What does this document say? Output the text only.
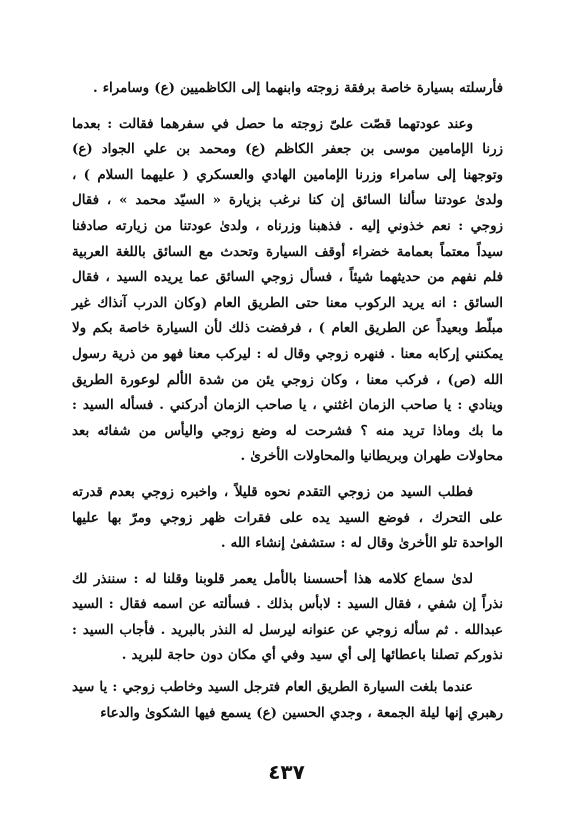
فأرسلته بسيارة خاصة برفقة زوجته وابنهما إلى الكاظميين (ع) وسامراء .

وعند عودتهما قصّت علىّ زوجته ما حصل في سفرهما فقالت : بعدما زرنا الإمامين موسى بن جعفر الكاظم (ع) ومحمد بن علي الجواد (ع) وتوجهنا إلى سامراء وزرنا الإمامين الهادي والعسكري ( عليهما السلام ) ، ولدىٰ عودتنا سألنا السائق إن كنا نرغب بزيارة « السيّد محمد » ، فقال زوجي : نعم خذوني إليه . فذهبنا وزرناه ، ولدىٰ عودتنا من زيارته صادفنا سيداً معتماً بعمامة خضراء أوقف السيارة وتحدث مع السائق باللغة العربية فلم نفهم من حديثهما شيئاً ، فسأل زوجي السائق عما يريده السيد ، فقال السائق : انه يريد الركوب معنا حتى الطريق العام (وكان الدرب آنذاك غير مبلّط وبعيداً عن الطريق العام ) ، فرفضت ذلك لأن السيارة خاصة بكم ولا يمكنني إركابه معنا . فنهره زوجي وقال له : ليركب معنا فهو من ذرية رسول الله (ص) ، فركب معنا ، وكان زوجي يئن من شدة الألم لوعورة الطريق وينادي : يا صاحب الزمان اغثني ، يا صاحب الزمان أدركني . فسأله السيد : ما بك وماذا تريد منه ؟ فشرحت له وضع زوجي واليأس من شفائه بعد محاولات طهران وبريطانيا والمحاولات الأخرىٰ .

فطلب السيد من زوجي التقدم نحوه قليلاً ، واخبره زوجي بعدم قدرته على التحرك ، فوضع السيد يده على فقرات ظهر زوجي ومرّ بها عليها الواحدة تلو الأخرىٰ وقال له : ستشفىٰ إنشاء الله .

لدىٰ سماع كلامه هذا أحسسنا بالأمل يعمر قلوبنا وقلنا له : سننذر لك نذراً إن شفي ، فقال السيد : لابأس بذلك . فسألته عن اسمه فقال : السيد عبدالله . ثم سأله زوجي عن عنوانه ليرسل له النذر بالبريد . فأجاب السيد : نذوركم تصلنا باعطائها إلى أي سيد وفي أي مكان دون حاجة للبريد .

عندما بلغت السيارة الطريق العام فترجل السيد وخاطب زوجي : يا سيد رهبري إنها ليلة الجمعة ، وجدي الحسين (ع) يسمع فيها الشكوىٰ والدعاء

٤٣٧
